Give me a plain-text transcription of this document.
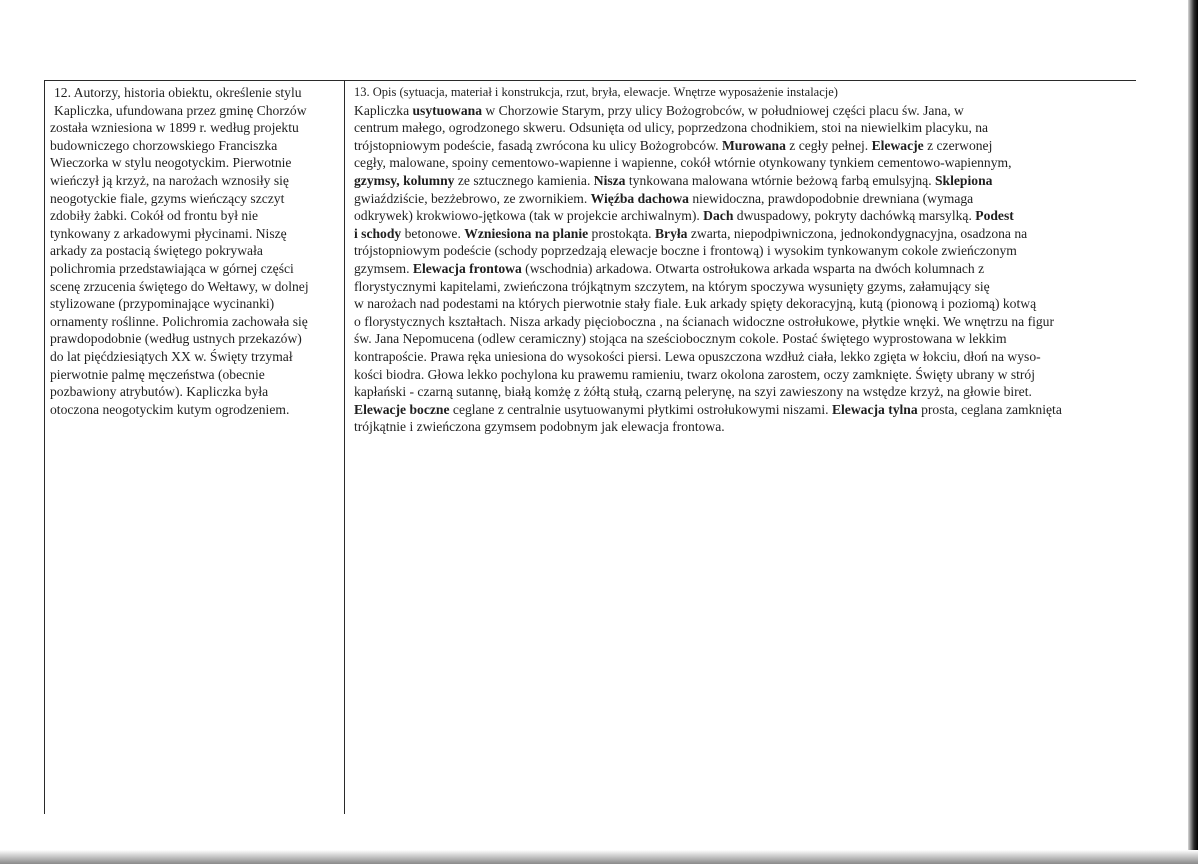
12. Autorzy, historia obiektu, określenie stylu
Kapliczka, ufundowana przez gminę Chorzów
została wzniesiona w 1899 r. według projektu
budowniczego chorzowskiego Franciszka
Wieczorka w stylu neogotyckim. Pierwotnie
wieńczył ją krzyż, na narożach wznosiły się
neogotyckie fiale, gzyms wieńczący szczyt
zdobiły żabki. Cokół od frontu był nie
tynkowany z arkadowymi płycinami. Niszę
arkady za postacią świętego pokrywała
polichromia przedstawiająca w górnej części
scenę zrzucenia świętego do Wełtawy, w dolnej
stylizowane (przypominające wycinanki)
ornamenty roślinne. Polichromia zachowała się
prawdopodobnie (według ustnych przekazów)
do lat pięćdziesiątych XX w. Święty trzymał
pierwotnie palmę męczeństwa (obecnie
pozbawiony atrybutów). Kapliczka była
otoczona neogotyckim kutym ogrodzeniem.
13. Opis (sytuacja, materiał i konstrukcja, rzut, bryła, elewacje. Wnętrze wyposażenie instalacje)
Kapliczka usytuowana w Chorzowie Starym, przy ulicy Bożogrobców, w południowej części placu św. Jana, w
centrum małego, ogrodzonego skweru. Odsunięta od ulicy, poprzedzona chodnikiem, stoi na niewielkim placyku, na
trójstopniowym podeście, fasadą zwrócona ku ulicy Bożogrobców. Murowana z cegły pełnej. Elewacje z czerwonej
cegły, malowane, spoiny cementowo-wapienne i wapienne, cokół wtórnie otynkowany tynkiem cementowo-wapiennym,
gzymsy, kolumny ze sztucznego kamienia. Nisza tynkowana malowana wtórnie beżową farbą emulsyjną. Sklepiona
gwiaździście, bezżebrowo, ze zwornikiem. Więźba dachowa niewidoczna, prawdopodobnie drewniana (wymaga
odkrywek) krokwiowo-jętkowa (tak w projekcie archiwalnym). Dach dwuspadowy, pokryty dachówką marsylką. Podest
i schody betonowe. Wzniesiona na planie prostokąta. Bryła zwarta, niepodpiwniczona, jednokondygnacyjna, osadzona na
trójstopniowym podeście (schody poprzedzają elewacje boczne i frontową) i wysokim tynkowanym cokole zwieńczonym
gzymsem. Elewacja frontowa (wschodnia) arkadowa. Otwarta ostrołukowa arkada wsparta na dwóch kolumnach z
florystycznymi kapitelami, zwieńczona trójkątnym szczytem, na którym spoczywa wysunięty gzyms, załamujący się
w narożach nad podestami na których pierwotnie stały fiale. Łuk arkady spięty dekoracyjną, kutą (pionową i poziomą) kotwą
o florystycznych kształtach. Nisza arkady pięcioboczna , na ścianach widoczne ostrołukowe, płytkie wnęki. We wnętrzu na figur
św. Jana Nepomucena (odlew ceramiczny) stojąca na sześciobocznym cokole. Postać świętego wyprostowana w lekkim
kontrapoście. Prawa ręka uniesiona do wysokości piersi. Lewa opuszczona wzdłuż ciała, lekko zgięta w łokciu, dłoń na wyso-
kości biodra. Głowa lekko pochylona ku prawemu ramieniu, twarz okolona zarostem, oczy zamknięte. Święty ubrany w strój
kapłański - czarną sutannę, białą komżę z żółtą stułą, czarną pelerynę, na szyi zawieszony na wstędze krzyż, na głowie biret.
Elewacje boczne ceglane z centralnie usytuowanymi płytkimi ostrołukowymi niszami. Elewacja tylna prosta, ceglana zamknięta
trójkątnie i zwieńczona gzymsem podobnym jak elewacja frontowa.
